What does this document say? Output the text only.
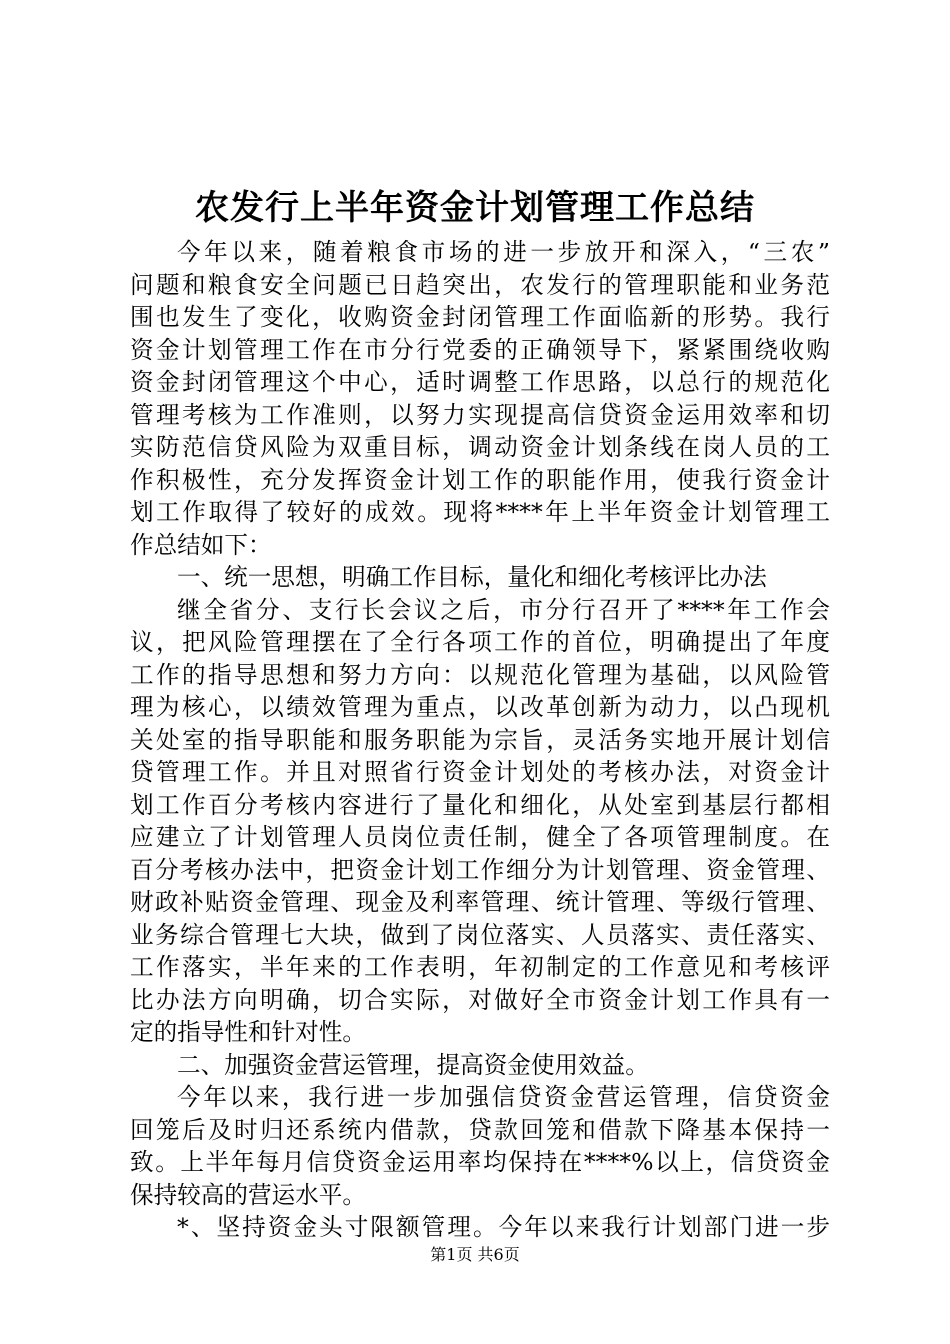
农发行上半年资金计划管理工作总结
今年以来，随着粮食市场的进一步放开和深入，“三农”
问题和粮食安全问题已日趋突出，农发行的管理职能和业务范
围也发生了变化，收购资金封闭管理工作面临新的形势。我行
资金计划管理工作在市分行党委的正确领导下，紧紧围绕收购
资金封闭管理这个中心，适时调整工作思路，以总行的规范化
管理考核为工作准则，以努力实现提高信贷资金运用效率和切
实防范信贷风险为双重目标，调动资金计划条线在岗人员的工
作积极性，充分发挥资金计划工作的职能作用，使我行资金计
划工作取得了较好的成效。现将****年上半年资金计划管理工
作总结如下：
一、统一思想，明确工作目标，量化和细化考核评比办法
继全省分、支行长会议之后，市分行召开了****年工作会
议，把风险管理摆在了全行各项工作的首位，明确提出了年度
工作的指导思想和努力方向：以规范化管理为基础，以风险管
理为核心，以绩效管理为重点，以改革创新为动力，以凸现机
关处室的指导职能和服务职能为宗旨，灵活务实地开展计划信
贷管理工作。并且对照省行资金计划处的考核办法，对资金计
划工作百分考核内容进行了量化和细化，从处室到基层行都相
应建立了计划管理人员岗位责任制，健全了各项管理制度。在
百分考核办法中，把资金计划工作细分为计划管理、资金管理、
财政补贴资金管理、现金及利率管理、统计管理、等级行管理、
业务综合管理七大块，做到了岗位落实、人员落实、责任落实、
工作落实，半年来的工作表明，年初制定的工作意见和考核评
比办法方向明确，切合实际，对做好全市资金计划工作具有一
定的指导性和针对性。
二、加强资金营运管理，提高资金使用效益。
今年以来，我行进一步加强信贷资金营运管理，信贷资金
回笼后及时归还系统内借款，贷款回笼和借款下降基本保持一
致。上半年每月信贷资金运用率均保持在****%以上，信贷资金
保持较高的营运水平。
*、坚持资金头寸限额管理。今年以来我行计划部门进一步
第1页 共6页
